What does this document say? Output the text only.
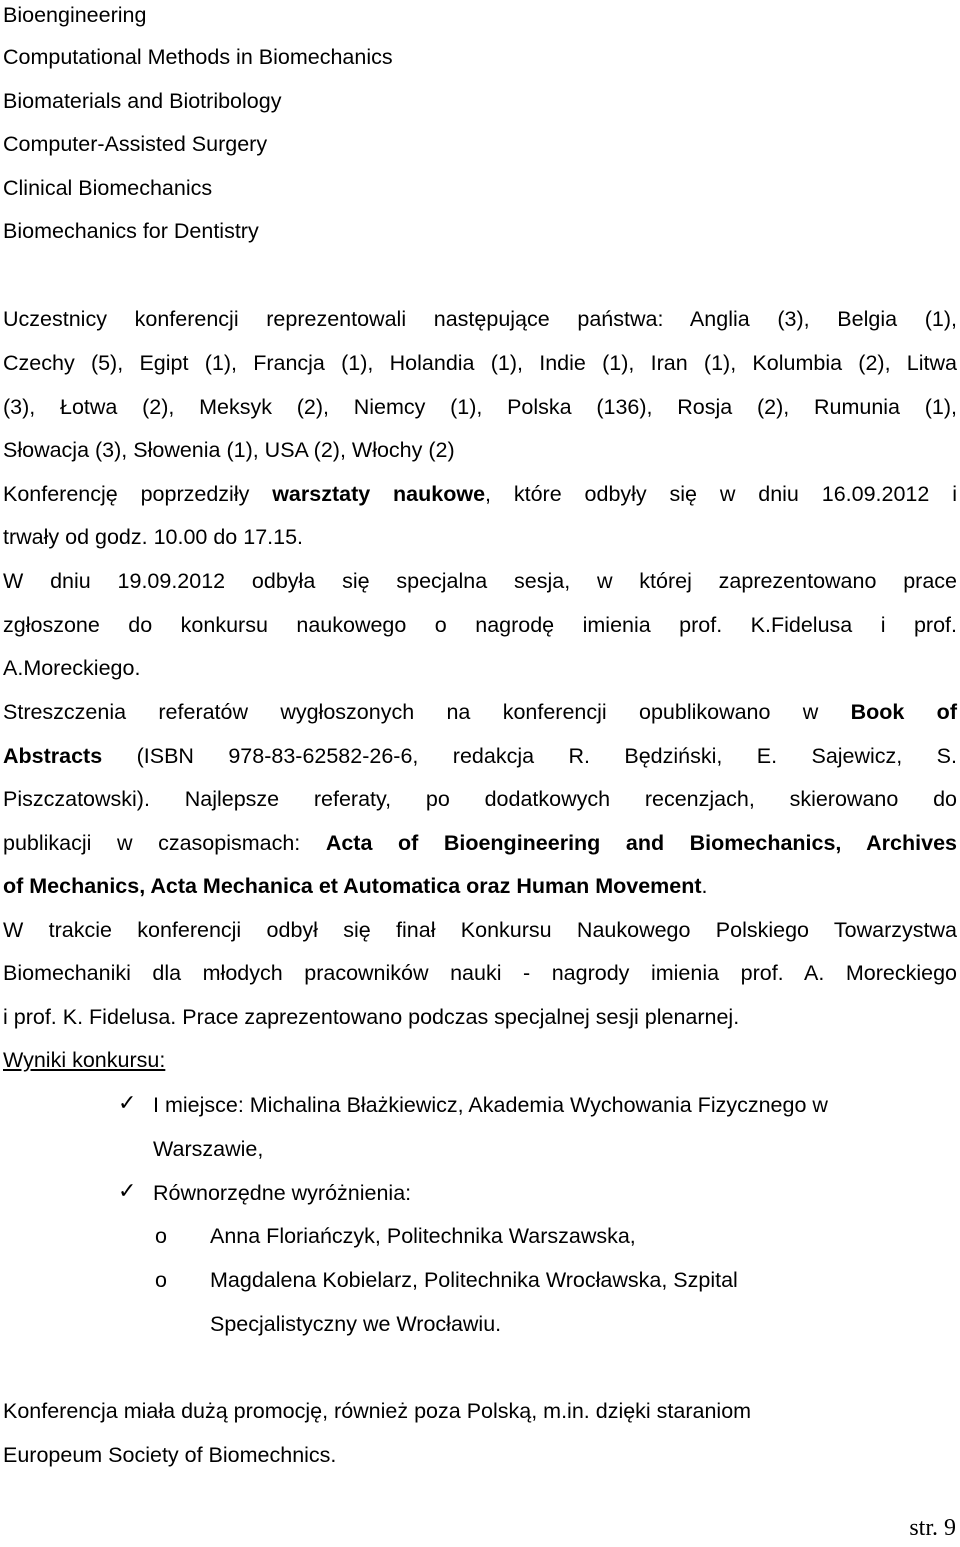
Bioengineering
Computational Methods in Biomechanics
Biomaterials and Biotribology
Computer-Assisted Surgery
Clinical Biomechanics
Biomechanics for Dentistry
Uczestnicy konferencji reprezentowali następujące państwa: Anglia (3), Belgia (1),
Czechy (5), Egipt (1), Francja (1), Holandia (1), Indie (1), Iran (1), Kolumbia (2), Litwa
(3), Łotwa (2), Meksyk (2), Niemcy (1), Polska (136), Rosja (2), Rumunia (1),
Słowacja (3), Słowenia (1), USA (2), Włochy (2)
Konferencję poprzedziły warsztaty naukowe, które odbyły się w dniu 16.09.2012 i
trwały od godz. 10.00 do 17.15.
W dniu 19.09.2012 odbyła się specjalna sesja, w której zaprezentowano prace
zgłoszone do konkursu naukowego o nagrodę imienia prof. K.Fidelusa i prof.
A.Moreckiego.
Streszczenia referatów wygłoszonych na konferencji opublikowano w Book of
Abstracts (ISBN 978-83-62582-26-6, redakcja R. Będziński, E. Sajewicz, S.
Piszczatowski). Najlepsze referaty, po dodatkowych recenzjach, skierowano do
publikacji w czasopismach: Acta of Bioengineering and Biomechanics, Archives
of Mechanics, Acta Mechanica et Automatica oraz Human Movement.
W trakcie konferencji odbył się finał Konkursu Naukowego Polskiego Towarzystwa
Biomechaniki dla młodych pracowników nauki - nagrody imienia prof. A. Moreckiego
i prof. K. Fidelusa. Prace zaprezentowano podczas specjalnej sesji plenarnej.
Wyniki konkursu:
✓ I miejsce: Michalina Błażkiewicz, Akademia Wychowania Fizycznego w
Warszawie,
✓ Równorzędne wyróżnienia:
o Anna Floriańczyk, Politechnika Warszawska,
o Magdalena Kobielarz, Politechnika Wrocławska, Szpital
Specjalistyczny we Wrocławiu.
Konferencja miała dużą promocję, również poza Polską, m.in. dzięki staraniom
Europeum Society of Biomechnics.
str. 9
